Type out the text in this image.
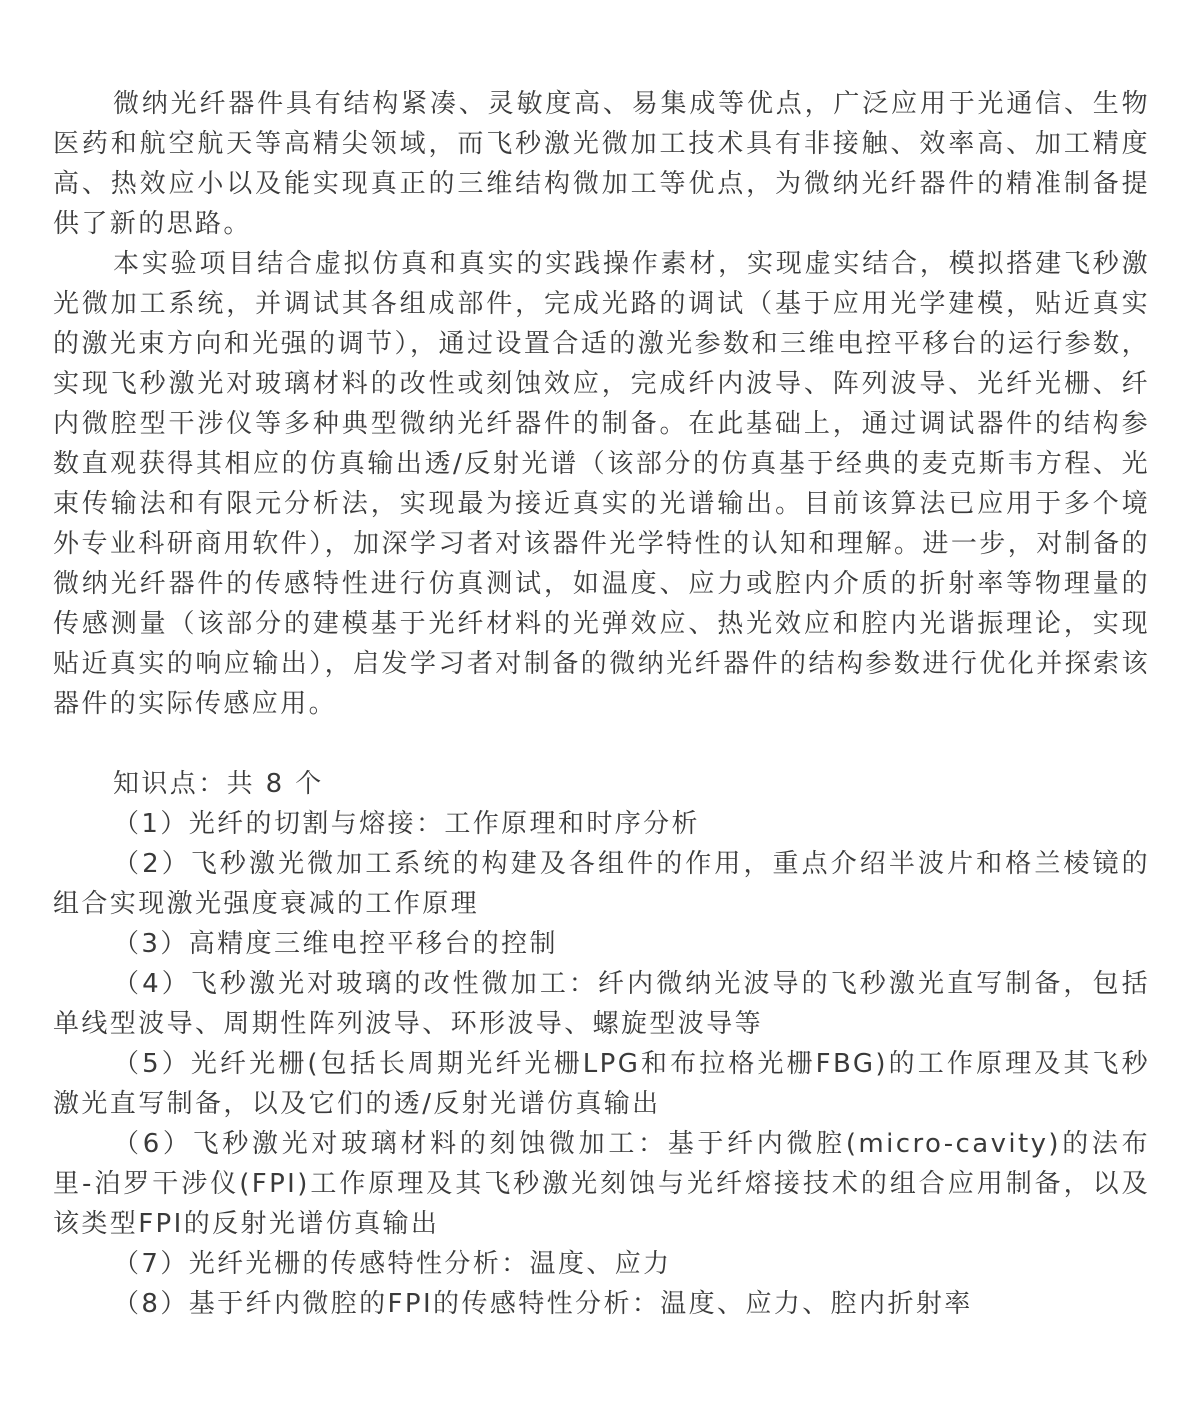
微纳光纤器件具有结构紧凑、灵敏度高、易集成等优点，广泛应用于光通信、生物医药和航空航天等高精尖领域，而飞秒激光微加工技术具有非接触、效率高、加工精度高、热效应小以及能实现真正的三维结构微加工等优点，为微纳光纤器件的精准制备提供了新的思路。

本实验项目结合虚拟仿真和真实的实践操作素材，实现虚实结合，模拟搭建飞秒激光微加工系统，并调试其各组成部件，完成光路的调试（基于应用光学建模，贴近真实的激光束方向和光强的调节），通过设置合适的激光参数和三维电控平移台的运行参数，实现飞秒激光对玻璃材料的改性或刻蚀效应，完成纤内波导、阵列波导、光纤光栅、纤内微腔型干涉仪等多种典型微纳光纤器件的制备。在此基础上，通过调试器件的结构参数直观获得其相应的仿真输出透/反射光谱（该部分的仿真基于经典的麦克斯韦方程、光束传输法和有限元分析法，实现最为接近真实的光谱输出。目前该算法已应用于多个境外专业科研商用软件），加深学习者对该器件光学特性的认知和理解。进一步，对制备的微纳光纤器件的传感特性进行仿真测试，如温度、应力或腔内介质的折射率等物理量的传感测量（该部分的建模基于光纤材料的光弹效应、热光效应和腔内光谐振理论，实现贴近真实的响应输出），启发学习者对制备的微纳光纤器件的结构参数进行优化并探索该器件的实际传感应用。

知识点：共 8 个

（1）光纤的切割与熔接：工作原理和时序分析

（2）飞秒激光微加工系统的构建及各组件的作用，重点介绍半波片和格兰棱镜的组合实现激光强度衰减的工作原理

（3）高精度三维电控平移台的控制

（4）飞秒激光对玻璃的改性微加工：纤内微纳光波导的飞秒激光直写制备，包括单线型波导、周期性阵列波导、环形波导、螺旋型波导等

（5）光纤光栅(包括长周期光纤光栅LPG和布拉格光栅FBG)的工作原理及其飞秒激光直写制备，以及它们的透/反射光谱仿真输出

（6）飞秒激光对玻璃材料的刻蚀微加工：基于纤内微腔(micro-cavity)的法布里-泊罗干涉仪(FPI)工作原理及其飞秒激光刻蚀与光纤熔接技术的组合应用制备，以及该类型FPI的反射光谱仿真输出

（7）光纤光栅的传感特性分析：温度、应力

（8）基于纤内微腔的FPI的传感特性分析：温度、应力、腔内折射率
